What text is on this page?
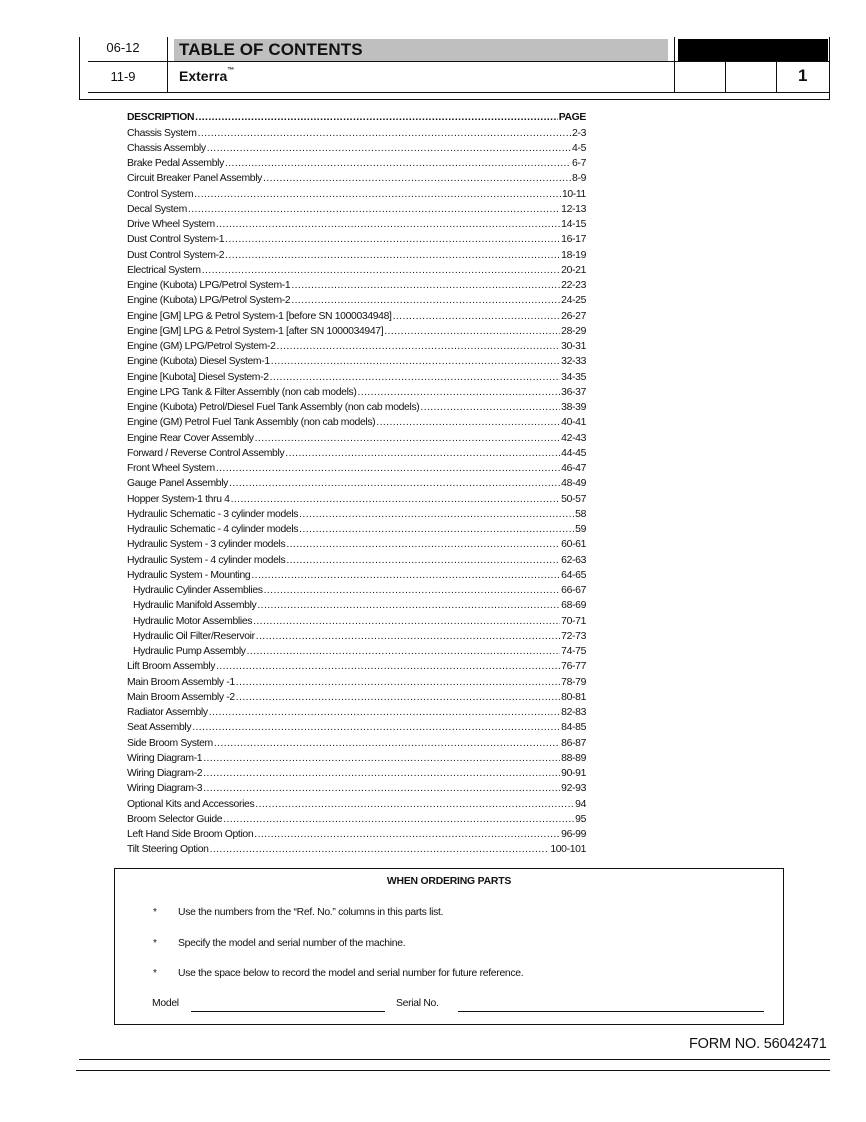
06-12
11-9
TABLE OF CONTENTS
Exterra™	1
DESCRIPTION .....	PAGE
Chassis System .....	2-3
Chassis Assembly .....	4-5
Brake Pedal Assembly .....	6-7
Circuit Breaker Panel Assembly .....	8-9
Control System .....	10-11
Decal System .....	12-13
Drive Wheel System .....	14-15
Dust Control System-1 .....	16-17
Dust Control System-2 .....	18-19
Electrical System .....	20-21
Engine (Kubota) LPG/Petrol System-1 .....	22-23
Engine (Kubota) LPG/Petrol System-2 .....	24-25
Engine [GM] LPG & Petrol System-1 [before SN 1000034948] .....	26-27
Engine [GM] LPG & Petrol System-1 [after SN 1000034947] .....	28-29
Engine (GM) LPG/Petrol System-2 .....	30-31
Engine (Kubota) Diesel System-1 .....	32-33
Engine [Kubota] Diesel System-2 .....	34-35
Engine LPG Tank & Filter Assembly (non cab models) .....	36-37
Engine (Kubota) Petrol/Diesel Fuel Tank Assembly (non cab models) .....	38-39
Engine (GM) Petrol Fuel Tank Assembly (non cab models) .....	40-41
Engine Rear Cover Assembly .....	42-43
Forward / Reverse Control Assembly .....	44-45
Front Wheel System .....	46-47
Gauge Panel Assembly .....	48-49
Hopper System-1 thru 4 .....	50-57
Hydraulic Schematic - 3 cylinder models .....	58
Hydraulic Schematic - 4 cylinder models .....	59
Hydraulic System - 3 cylinder models .....	60-61
Hydraulic System - 4 cylinder models .....	62-63
Hydraulic System - Mounting .....	64-65
Hydraulic Cylinder Assemblies .....	66-67
Hydraulic Manifold Assembly .....	68-69
Hydraulic Motor Assemblies .....	70-71
Hydraulic Oil Filter/Reservoir .....	72-73
Hydraulic Pump Assembly .....	74-75
Lift Broom Assembly .....	76-77
Main Broom Assembly -1 .....	78-79
Main Broom Assembly -2 .....	80-81
Radiator Assembly .....	82-83
Seat Assembly .....	84-85
Side Broom System .....	86-87
Wiring Diagram-1 .....	88-89
Wiring Diagram-2 .....	90-91
Wiring Diagram-3 .....	92-93
Optional Kits and Accessories .....	94
Broom Selector Guide .....	95
Left Hand Side Broom Option .....	96-99
Tilt Steering Option .....	100-101
WHEN ORDERING PARTS
* Use the numbers from the “Ref. No.” columns in this parts list.
* Specify the model and serial number of the machine.
* Use the space below to record the model and serial number for future reference.
Model	Serial No.
FORM NO. 56042471
